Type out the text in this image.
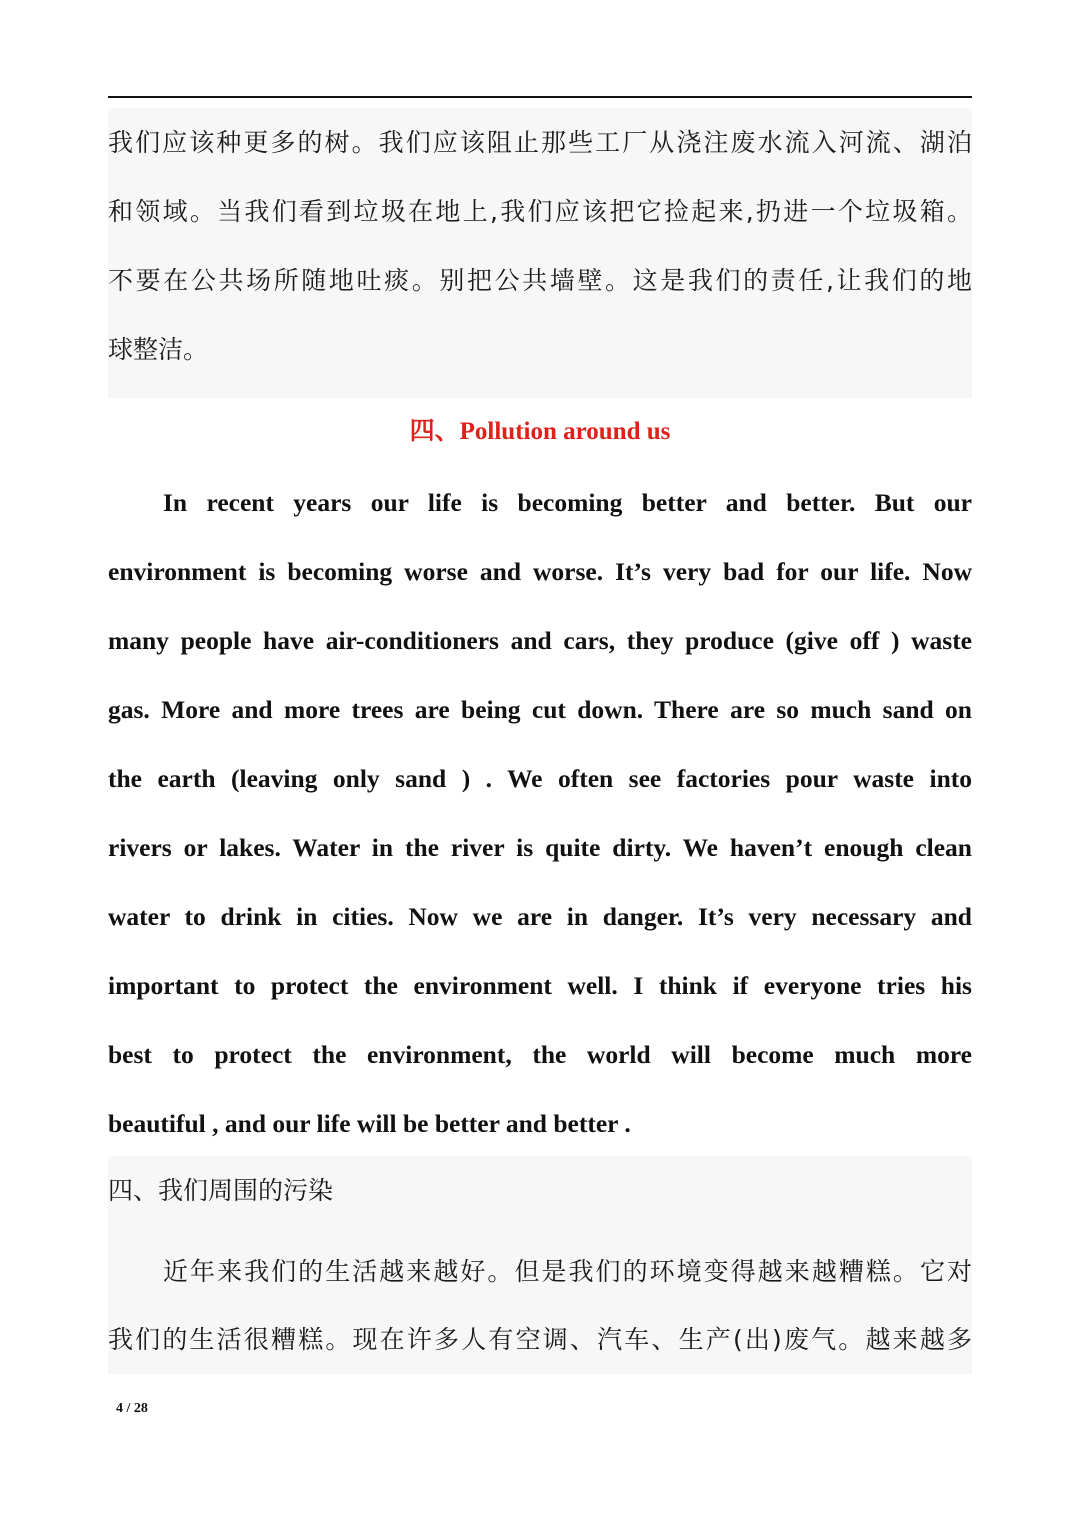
我们应该种更多的树。我们应该阻止那些工厂从浇注废水流入河流、湖泊
和领域。当我们看到垃圾在地上,我们应该把它捡起来,扔进一个垃圾箱。
不要在公共场所随地吐痰。别把公共墙壁。这是我们的责任,让我们的地
球整洁。

四、Pollution around us

In recent years our life is becoming better and better. But our
environment is becoming worse and worse. It’s very bad for our life. Now
many people have air-conditioners and cars, they produce (give off ) waste
gas. More and more trees are being cut down. There are so much sand on
the earth (leaving only sand ) . We often see factories pour waste into
rivers or lakes. Water in the river is quite dirty. We haven’t enough clean
water to drink in cities. Now we are in danger. It’s very necessary and
important to protect the environment well. I think if everyone tries his
best to protect the environment, the world will become much more
beautiful , and our life will be better and better .

四、我们周围的污染
近年来我们的生活越来越好。但是我们的环境变得越来越糟糕。它对
我们的生活很糟糕。现在许多人有空调、汽车、生产(出)废气。越来越多

4 / 28
